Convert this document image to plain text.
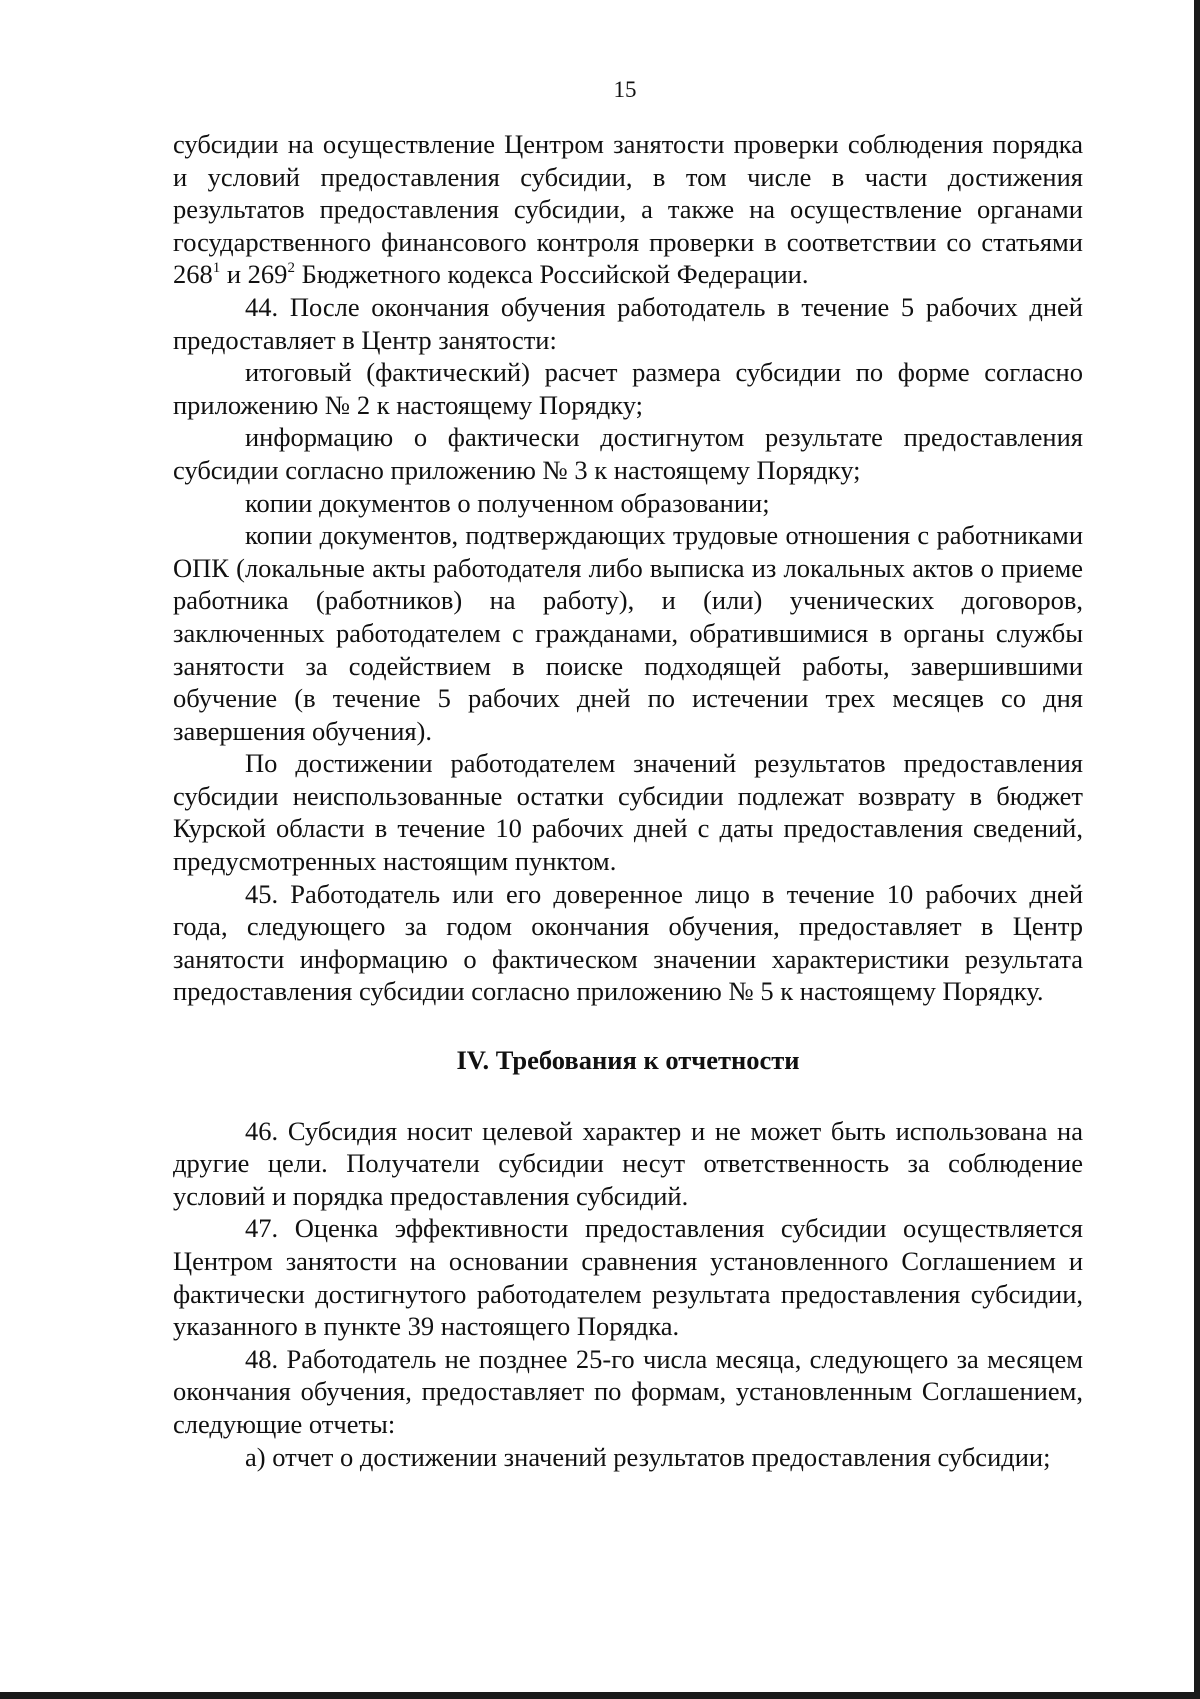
15

субсидии на осуществление Центром занятости проверки соблюдения порядка и условий предоставления субсидии, в том числе в части достижения результатов предоставления субсидии, а также на осуществление органами государственного финансового контроля проверки в соответствии со статьями $268^1$ и $269^2$ Бюджетного кодекса Российской Федерации.

44. После окончания обучения работодатель в течение 5 рабочих дней предоставляет в Центр занятости:

итоговый (фактический) расчет размера субсидии по форме согласно приложению № 2 к настоящему Порядку;

информацию о фактически достигнутом результате предоставления субсидии согласно приложению № 3 к настоящему Порядку;

копии документов о полученном образовании;

копии документов, подтверждающих трудовые отношения с работниками ОПК (локальные акты работодателя либо выписка из локальных актов о приеме работника (работников) на работу), и (или) ученических договоров, заключенных работодателем с гражданами, обратившимися в органы службы занятости за содействием в поиске подходящей работы, завершившими обучение (в течение 5 рабочих дней по истечении трех месяцев со дня завершения обучения).

По достижении работодателем значений результатов предоставления субсидии неиспользованные остатки субсидии подлежат возврату в бюджет Курской области в течение 10 рабочих дней с даты предоставления сведений, предусмотренных настоящим пунктом.

45. Работодатель или его доверенное лицо в течение 10 рабочих дней года, следующего за годом окончания обучения, предоставляет в Центр занятости информацию о фактическом значении характеристики результата предоставления субсидии согласно приложению № 5 к настоящему Порядку.

IV. Требования к отчетности

46. Субсидия носит целевой характер и не может быть использована на другие цели. Получатели субсидии несут ответственность за соблюдение условий и порядка предоставления субсидий.

47. Оценка эффективности предоставления субсидии осуществляется Центром занятости на основании сравнения установленного Соглашением и фактически достигнутого работодателем результата предоставления субсидии, указанного в пункте 39 настоящего Порядка.

48. Работодатель не позднее 25-го числа месяца, следующего за месяцем окончания обучения, предоставляет по формам, установленным Соглашением, следующие отчеты:

а) отчет о достижении значений результатов предоставления субсидии;
